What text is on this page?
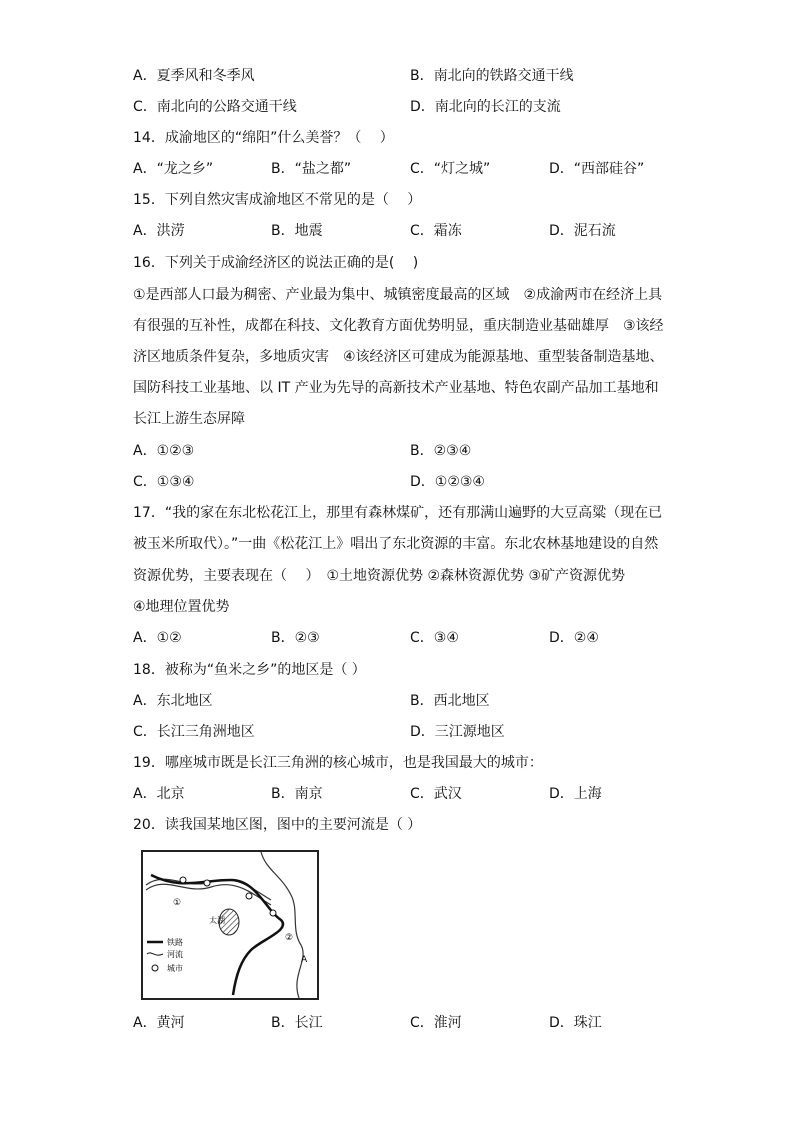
A．夏季风和冬季风	B．南北向的铁路交通干线
C．南北向的公路交通干线	D．南北向的长江的支流
14．成渝地区的“绵阳”什么美誉？（　 ）
A．“龙之乡”	B．“盐之都”	C．“灯之城”	D．“西部硅谷”
15．下列自然灾害成渝地区不常见的是（　 ）
A．洪涝	B．地震	C．霜冻	D．泥石流
16．下列关于成渝经济区的说法正确的是(　 )
①是西部人口最为稠密、产业最为集中、城镇密度最高的区域　②成渝两市在经济上具
有很强的互补性，成都在科技、文化教育方面优势明显，重庆制造业基础雄厚　③该经
济区地质条件复杂，多地质灾害　④该经济区可建成为能源基地、重型装备制造基地、
国防科技工业基地、以 IT 产业为先导的高新技术产业基地、特色农副产品加工基地和
长江上游生态屏障
A．①②③	B．②③④
C．①③④	D．①②③④
17．“我的家在东北松花江上，那里有森林煤矿，还有那满山遍野的大豆高粱（现在已
被玉米所取代）。”一曲《松花江上》唱出了东北资源的丰富。东北农林基地建设的自然
资源优势，主要表现在（　 ）　①土地资源优势 ②森林资源优势 ③矿产资源优势
④地理位置优势
A．①②	B．②③	C．③④	D．②④
18．被称为“鱼米之乡”的地区是（ ）
A．东北地区	B．西北地区
C．长江三角洲地区	D．三江源地区
19．哪座城市既是长江三角洲的核心城市，也是我国最大的城市：
A．北京	B．南京	C．武汉	D．上海
20．读我国某地区图，图中的主要河流是（ ）
太湖
①
②
A
铁路
河流
城市
A．黄河	B．长江	C．淮河	D．珠江
